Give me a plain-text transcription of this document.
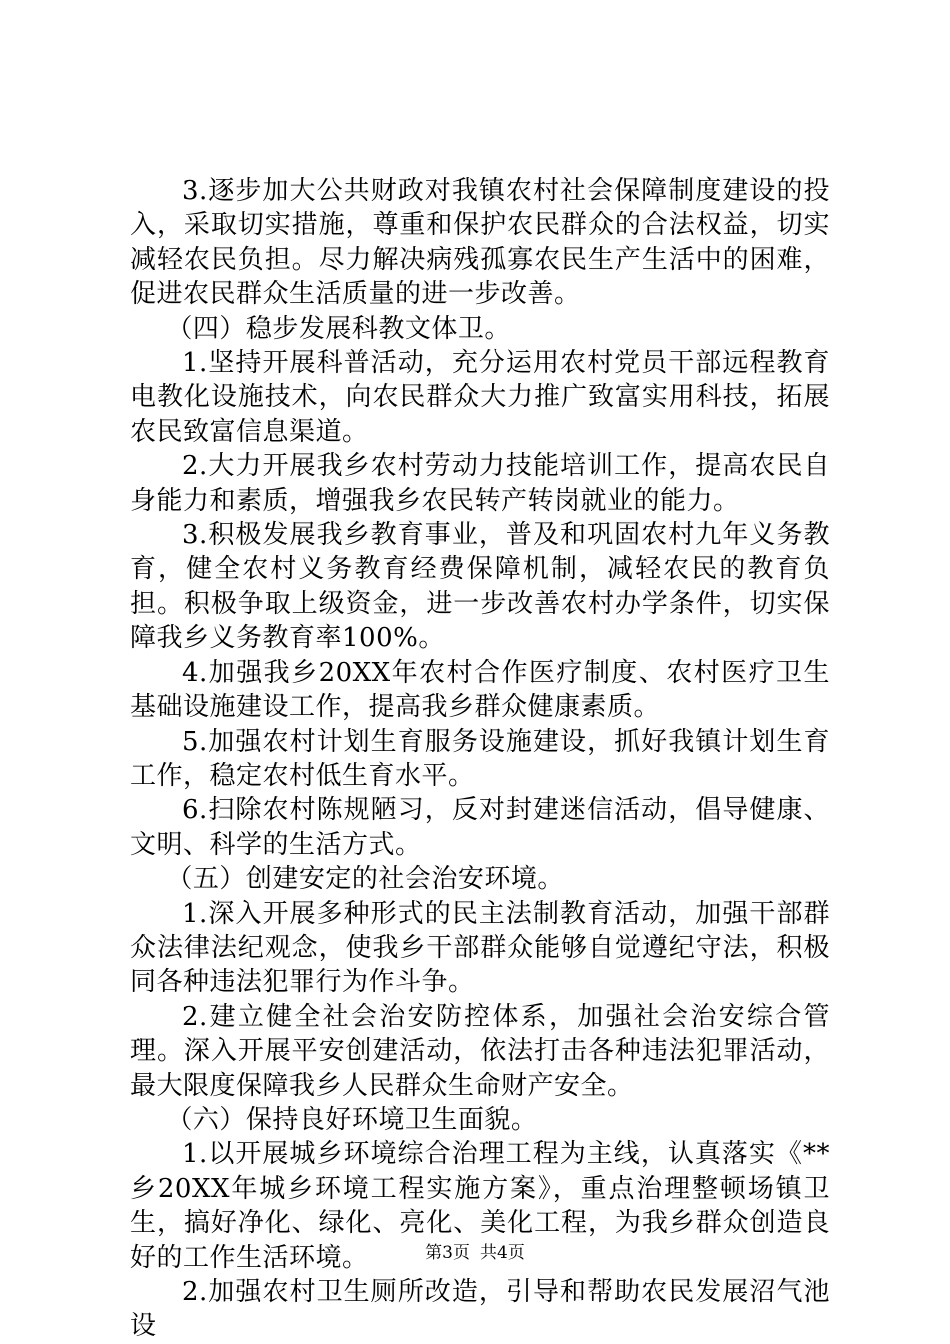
3.逐步加大公共财政对我镇农村社会保障制度建设的投入，采取切实措施，尊重和保护农民群众的合法权益，切实减轻农民负担。尽力解决病残孤寡农民生产生活中的困难，促进农民群众生活质量的进一步改善。

（四）稳步发展科教文体卫。

1.坚持开展科普活动，充分运用农村党员干部远程教育电教化设施技术，向农民群众大力推广致富实用科技，拓展农民致富信息渠道。

2.大力开展我乡农村劳动力技能培训工作，提高农民自身能力和素质，增强我乡农民转产转岗就业的能力。

3.积极发展我乡教育事业，普及和巩固农村九年义务教育，健全农村义务教育经费保障机制，减轻农民的教育负担。积极争取上级资金，进一步改善农村办学条件，切实保障我乡义务教育率100%。

4.加强我乡20XX年农村合作医疗制度、农村医疗卫生基础设施建设工作，提高我乡群众健康素质。

5.加强农村计划生育服务设施建设，抓好我镇计划生育工作，稳定农村低生育水平。

6.扫除农村陈规陋习，反对封建迷信活动，倡导健康、文明、科学的生活方式。

（五）创建安定的社会治安环境。

1.深入开展多种形式的民主法制教育活动，加强干部群众法律法纪观念，使我乡干部群众能够自觉遵纪守法，积极同各种违法犯罪行为作斗争。

2.建立健全社会治安防控体系，加强社会治安综合管理。深入开展平安创建活动，依法打击各种违法犯罪活动，最大限度保障我乡人民群众生命财产安全。

（六）保持良好环境卫生面貌。

1.以开展城乡环境综合治理工程为主线，认真落实《**乡20XX年城乡环境工程实施方案》，重点治理整顿场镇卫生，搞好净化、绿化、亮化、美化工程，为我乡群众创造良好的工作生活环境。

2.加强农村卫生厕所改造，引导和帮助农民发展沼气池设

第3页 共4页
